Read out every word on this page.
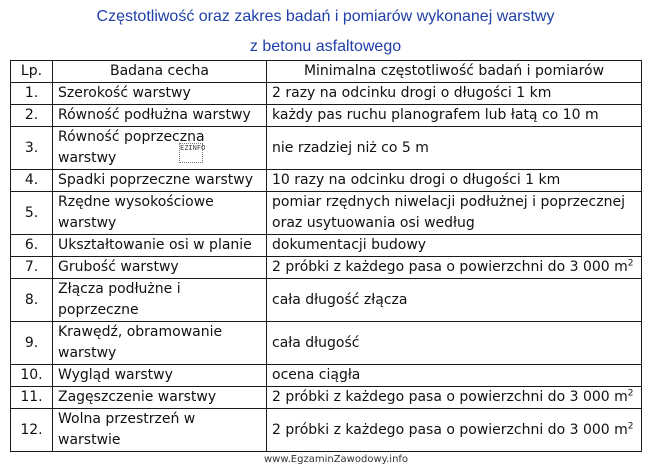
Częstotliwość oraz zakres badań i pomiarów wykonanej warstwy
z betonu asfaltowego
Lp.	Badana cecha	Minimalna częstotliwość badań i pomiarów
1.	Szerokość warstwy	2 razy na odcinku drogi o długości 1 km
2.	Równość podłużna warstwy	każdy pas ruchu planografem lub łatą co 10 m
3.	Równość poprzeczna warstwy	nie rzadziej niż co 5 m
4.	Spadki poprzeczne warstwy	10 razy na odcinku drogi o długości 1 km
5.	Rzędne wysokościowe warstwy	pomiar rzędnych niwelacji podłużnej i poprzecznej oraz usytuowania osi według
6.	Ukształtowanie osi w planie	dokumentacji budowy
7.	Grubość warstwy	2 próbki z każdego pasa o powierzchni do 3 000 $m^2$
8.	Złącza podłużne i poprzeczne	cała długość złącza
9.	Krawędź, obramowanie warstwy	cała długość
10.	Wygląd warstwy	ocena ciągła
11.	Zagęszczenie warstwy	2 próbki z każdego pasa o powierzchni do 3 000 $m^2$
12.	Wolna przestrzeń w warstwie	2 próbki z każdego pasa o powierzchni do 3 000 $m^2$
EZINFO
www.EgzaminZawodowy.info
